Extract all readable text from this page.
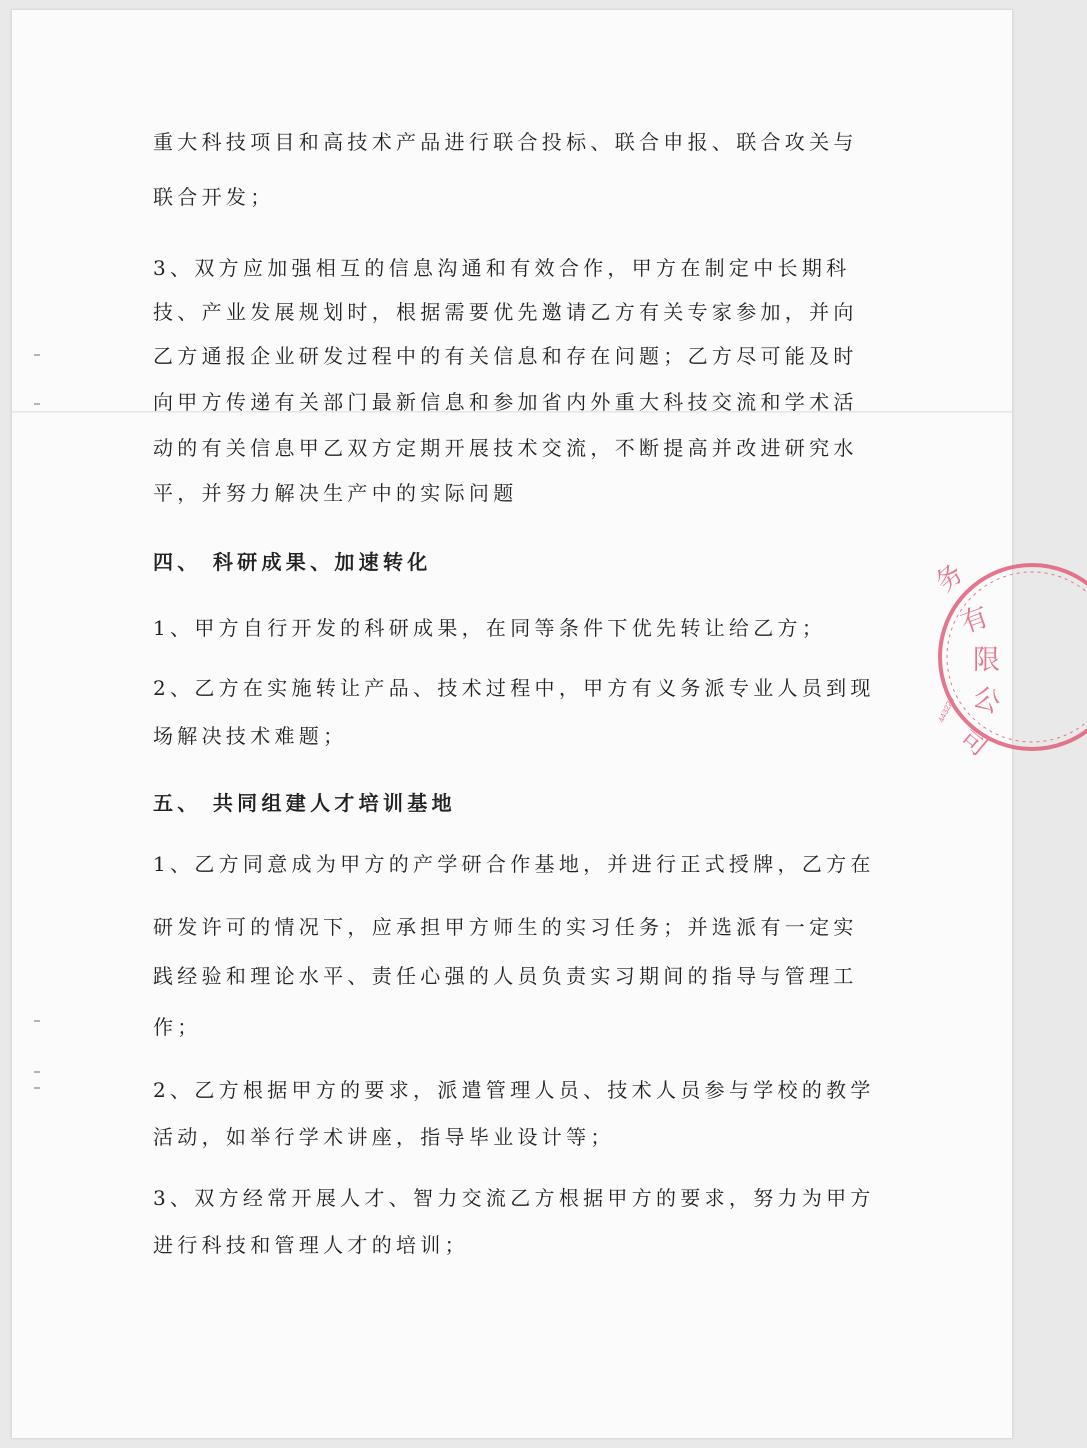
重大科技项目和高技术产品进行联合投标、联合申报、联合攻关与
联合开发；
3、双方应加强相互的信息沟通和有效合作，甲方在制定中长期科
技、产业发展规划时，根据需要优先邀请乙方有关专家参加，并向
乙方通报企业研发过程中的有关信息和存在问题；乙方尽可能及时
向甲方传递有关部门最新信息和参加省内外重大科技交流和学术活
动的有关信息甲乙双方定期开展技术交流，不断提高并改进研究水
平，并努力解决生产中的实际问题
四、 科研成果、加速转化
1、甲方自行开发的科研成果，在同等条件下优先转让给乙方；
2、乙方在实施转让产品、技术过程中，甲方有义务派专业人员到现
场解决技术难题；
五、 共同组建人才培训基地
1、乙方同意成为甲方的产学研合作基地，并进行正式授牌，乙方在
研发许可的情况下，应承担甲方师生的实习任务；并选派有一定实
践经验和理论水平、责任心强的人员负责实习期间的指导与管理工
作；
2、乙方根据甲方的要求，派遣管理人员、技术人员参与学校的教学
活动，如举行学术讲座，指导毕业设计等；
3、双方经常开展人才、智力交流乙方根据甲方的要求，努力为甲方
进行科技和管理人才的培训；
务
有
限
公
司
443220
